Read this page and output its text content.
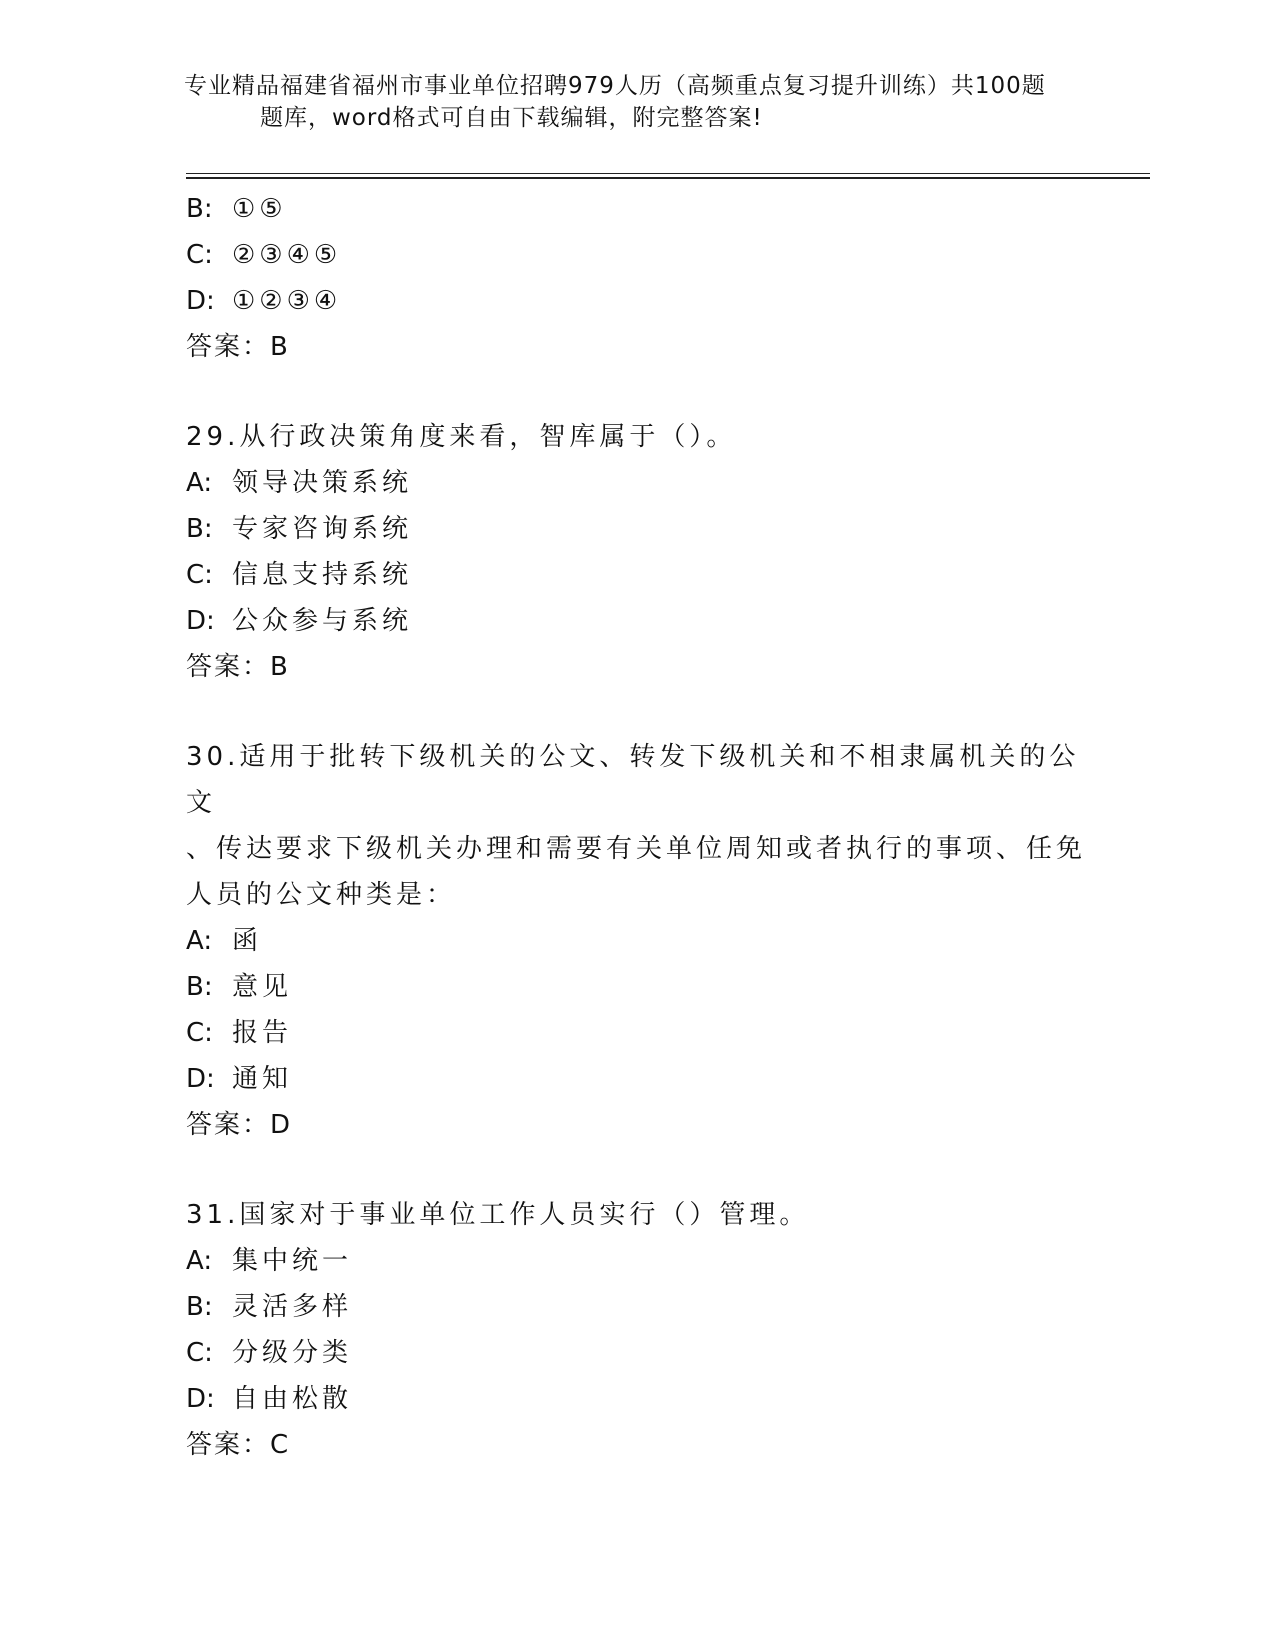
专业精品福建省福州市事业单位招聘979人历（高频重点复习提升训练）共100题
题库，word格式可自由下载编辑，附完整答案!
B: ①⑤
C: ②③④⑤
D: ①②③④
答案：B
29.从行政决策角度来看，智库属于（）。
A: 领导决策系统
B: 专家咨询系统
C: 信息支持系统
D: 公众参与系统
答案：B
30.适用于批转下级机关的公文、转发下级机关和不相隶属机关的公文
、传达要求下级机关办理和需要有关单位周知或者执行的事项、任免
人员的公文种类是：
A: 函
B: 意见
C: 报告
D: 通知
答案：D
31.国家对于事业单位工作人员实行（）管理。
A: 集中统一
B: 灵活多样
C: 分级分类
D: 自由松散
答案：C
